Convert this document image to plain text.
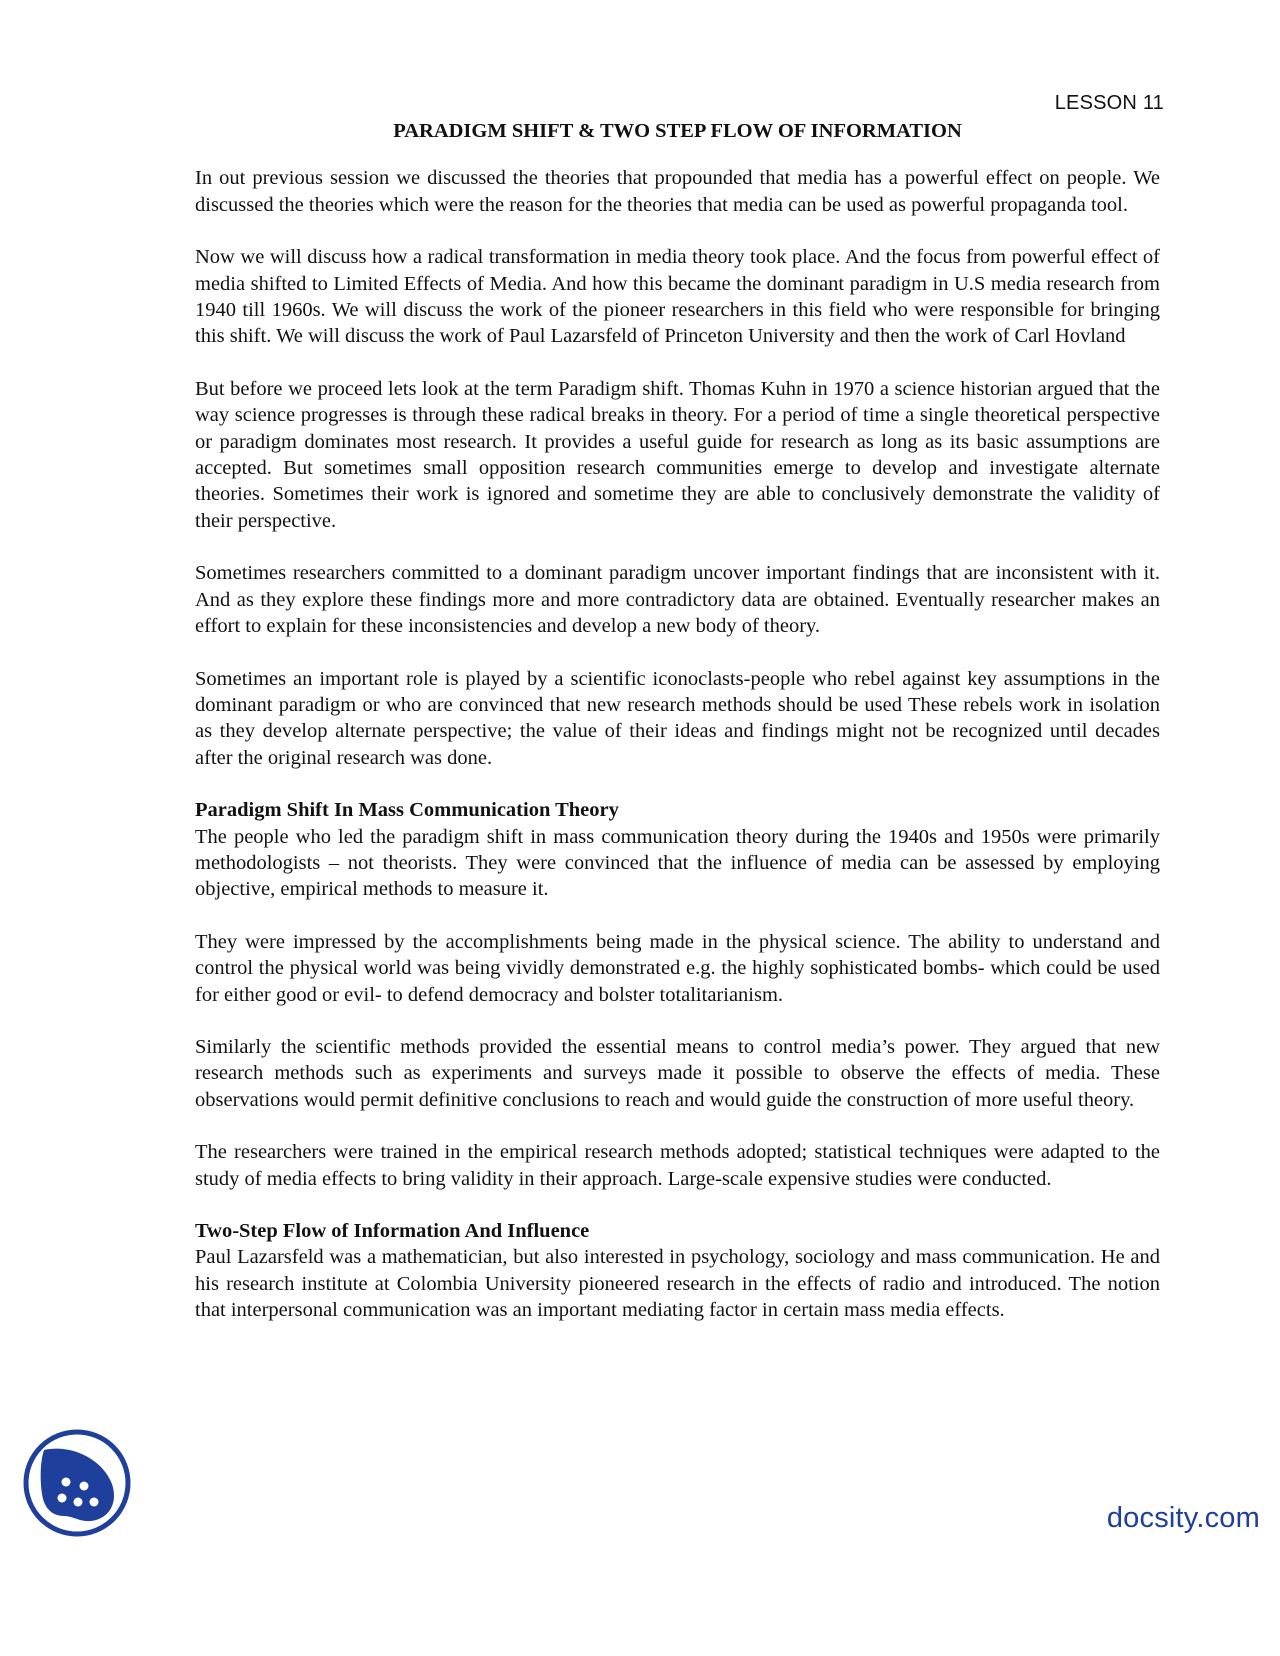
LESSON 11
PARADIGM SHIFT & TWO STEP FLOW OF INFORMATION
In out previous session we discussed the theories that propounded that media has a powerful effect on people. We discussed the theories which were the reason for the theories that media can be used as powerful propaganda tool.
Now we will discuss how a radical transformation in media theory took place. And the focus from powerful effect of media shifted to Limited Effects of Media. And how this became the dominant paradigm in U.S media research from 1940 till 1960s. We will discuss the work of the pioneer researchers in this field who were responsible for bringing this shift. We will discuss the work of Paul Lazarsfeld of Princeton University and then the work of Carl Hovland
But before we proceed lets look at the term Paradigm shift. Thomas Kuhn in 1970 a science historian argued that the way science progresses is through these radical breaks in theory. For a period of time a single theoretical perspective or paradigm dominates most research. It provides a useful guide for research as long as its basic assumptions are accepted. But sometimes small opposition research communities emerge to develop and investigate alternate theories. Sometimes their work is ignored and sometime they are able to conclusively demonstrate the validity of their perspective.
Sometimes researchers committed to a dominant paradigm uncover important findings that are inconsistent with it. And as they explore these findings more and more contradictory data are obtained. Eventually researcher makes an effort to explain for these inconsistencies and develop a new body of theory.
Sometimes an important role is played by a scientific iconoclasts-people who rebel against key assumptions in the dominant paradigm or who are convinced that new research methods should be used These rebels work in isolation as they develop alternate perspective; the value of their ideas and findings might not be recognized until decades after the original research was done.
Paradigm Shift In Mass Communication Theory
The people who led the paradigm shift in mass communication theory during the 1940s and 1950s were primarily methodologists – not theorists. They were convinced that the influence of media can be assessed by employing objective, empirical methods to measure it.
They were impressed by the accomplishments being made in the physical science. The ability to understand and control the physical world was being vividly demonstrated e.g. the highly sophisticated bombs- which could be used for either good or evil- to defend democracy and bolster totalitarianism.
Similarly the scientific methods provided the essential means to control media’s power. They argued that new research methods such as experiments and surveys made it possible to observe the effects of media. These observations would permit definitive conclusions to reach and would guide the construction of more useful theory.
The researchers were trained in the empirical research methods adopted; statistical techniques were adapted to the study of media effects to bring validity in their approach. Large-scale expensive studies were conducted.
Two-Step Flow of Information And Influence
Paul Lazarsfeld was a mathematician, but also interested in psychology, sociology and mass communication. He and his research institute at Colombia University pioneered research in the effects of radio and introduced. The notion that interpersonal communication was an important mediating factor in certain mass media effects.
docsity.com
